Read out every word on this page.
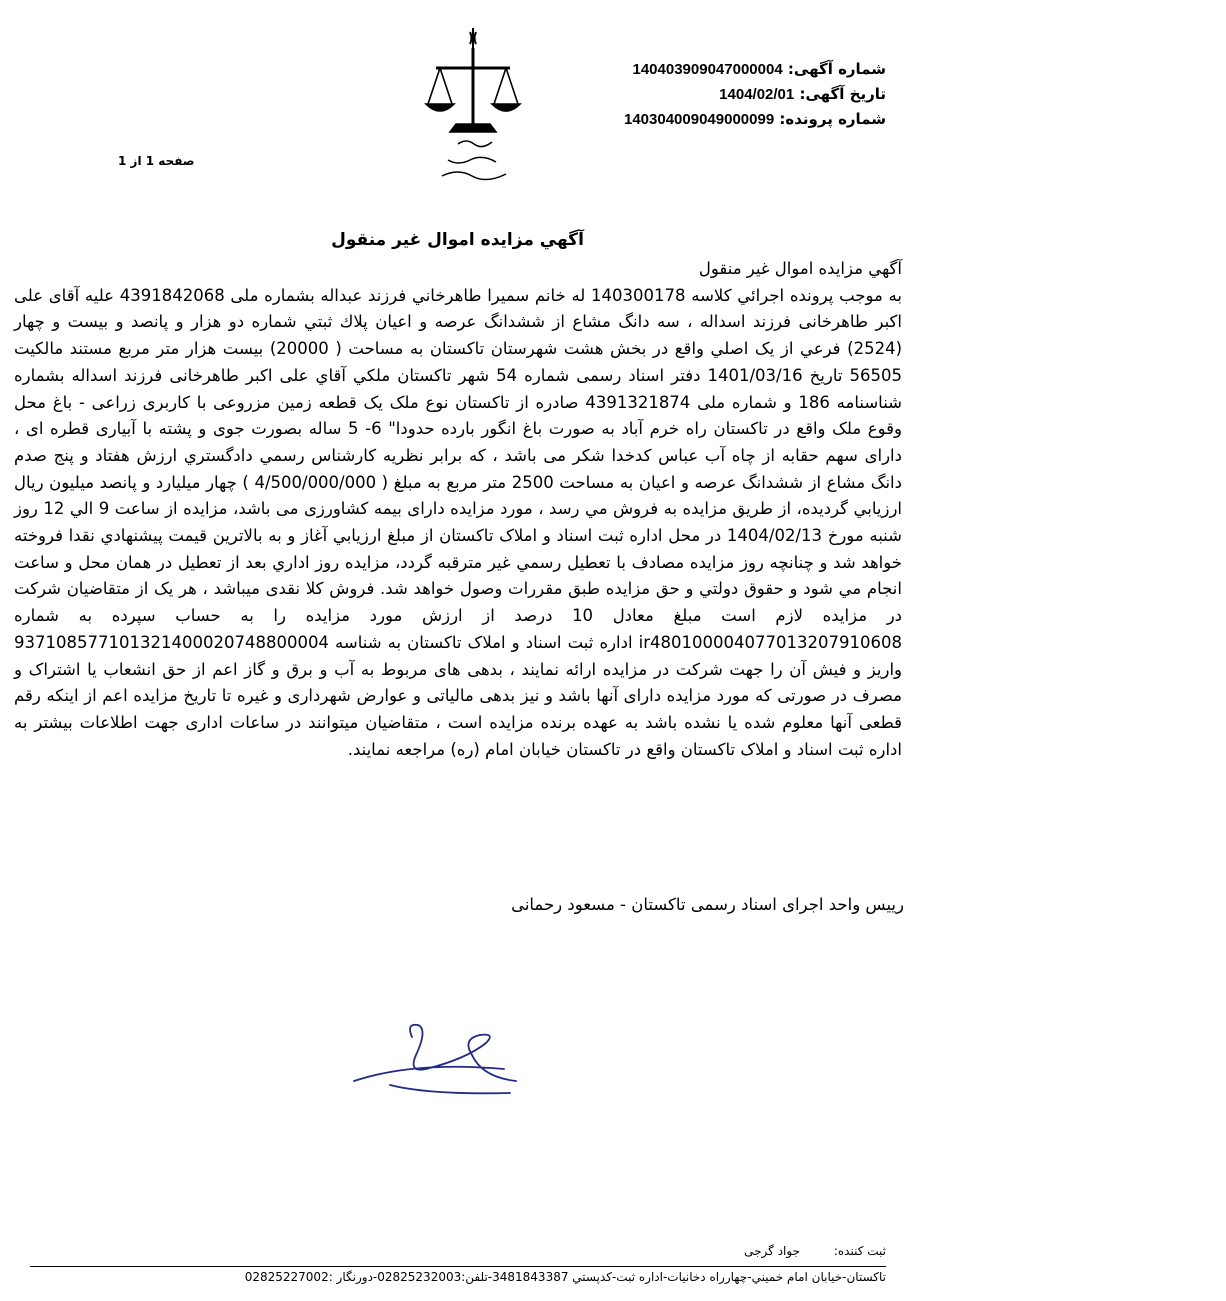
شماره آگهی: 140403909047000004
تاریخ آگهی: 1404/02/01
شماره پرونده: 140304009049000099
صفحه 1 از 1
آگهي مزايده اموال غير منقول

آگهي مزايده اموال غير منقول

به موجب پرونده اجرائي كلاسه 140300178 له خانم سميرا طاهرخاني فرزند عبداله بشماره ملی 4391842068 علیه آقای علی اکبر طاهرخانی فرزند اسداله ، سه دانگ مشاع از ششدانگ عرصه و اعيان پلاك ثبتي شماره دو هزار و پانصد و بيست و چهار (2524) فرعي از يک اصلي واقع در بخش هشت شهرستان تاکستان به مساحت ( 20000) بيست هزار متر مربع مستند مالکیت 56505 تاریخ 1401/03/16 دفتر اسناد رسمی شماره 54 شهر تاکستان ملكي آقاي علی اکبر طاهرخانی فرزند اسداله بشماره شناسنامه 186 و شماره ملی 4391321874 صادره از تاکستان نوع ملک یک قطعه زمین مزروعی با کاربری زراعی - باغ محل وقوع ملک واقع در تاکستان راه خرم آباد به صورت باغ انگور بارده حدودا" 6- 5 ساله بصورت جوی و پشته با آبیاری قطره ای ، دارای سهم حقابه از چاه آب عباس کدخدا شکر می باشد ، كه برابر نظريه كارشناس رسمي دادگستري ارزش هفتاد و پنج صدم دانگ مشاع از ششدانگ عرصه و اعیان به مساحت 2500 متر مربع به مبلغ ( 4/500/000/000 ) چهار میلیارد و پانصد میلیون ريال ارزيابي گرديده، از طريق مزايده به فروش مي رسد ، مورد مزایده دارای بیمه کشاورزی می باشد، مزايده از ساعت 9 الي 12 روز شنبه مورخ 1404/02/13 در محل اداره ثبت اسناد و املاک تاکستان از مبلغ ارزيابي آغاز و به بالاترين قيمت پيشنهادي نقدا فروخته خواهد شد و چنانچه روز مزايده مصادف با تعطيل رسمي غير مترقبه گردد، مزايده روز اداري بعد از تعطيل در همان محل و ساعت انجام مي شود و حقوق دولتي و حق مزايده طبق مقررات وصول خواهد شد. فروش کلا نقدی میباشد ، هر یک از متقاضیان شرکت در مزایده لازم است مبلغ معادل 10 درصد از ارزش مورد مزایده را به حساب سپرده به شماره ir480100004077013207910608 اداره ثبت اسناد و املاک تاکستان به شناسه 937108577101321400020748800004 واریز و فیش آن را جهت شرکت در مزایده ارائه نمایند ، بدهی های مربوط به آب و برق و گاز اعم از حق انشعاب یا اشتراک و مصرف در صورتی که مورد مزایده دارای آنها باشد و نیز بدهی مالیاتی و عوارض شهرداری و غیره تا تاریخ مزایده اعم از اینکه رقم قطعی آنها معلوم شده یا نشده باشد به عهده برنده مزایده است ، متقاضیان میتوانند در ساعات اداری جهت اطلاعات بیشتر به اداره ثبت اسناد و املاک تاکستان واقع در تاکستان خیابان امام (ره) مراجعه نمایند.

رییس واحد اجرای اسناد رسمی تاکستان - مسعود رحمانی
ثبت کننده: جواد گرجی
تاکستان-خيابان امام خميني-چهارراه دخانيات-اداره ثبت-کدپستي 3481843387-تلفن:02825232003-دورنگار :02825227002
